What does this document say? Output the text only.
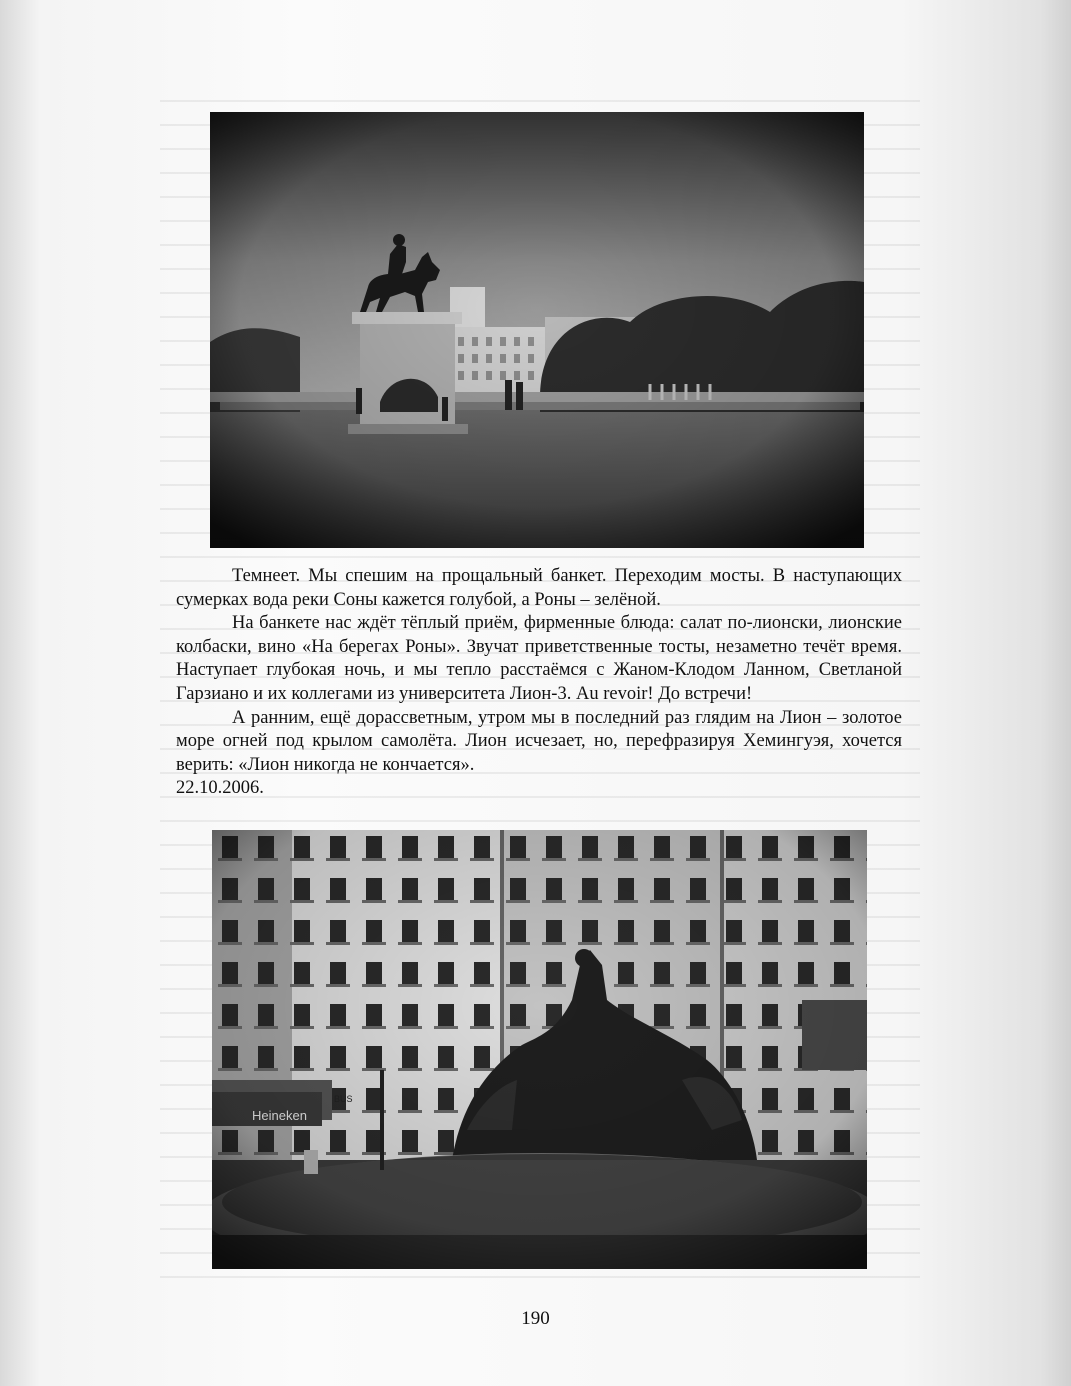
Темнеет. Мы спешим на прощальный банкет. Переходим мосты. В наступающих сумерках вода реки Соны кажется голубой, а Роны – зелёной.

На банкете нас ждёт тёплый приём, фирменные блюда: салат по-лионски, лионские колбаски, вино «На берегах Роны». Звучат приветственные тосты, незаметно течёт время. Наступает глубокая ночь, и мы тепло расстаёмся с Жаном-Клодом Ланном, Светланой Гарзиано и их коллегами из университета Лион-3. Au revoir! До встречи!

А ранним, ещё дорассветным, утром мы в последний раз глядим на Лион – золотое море огней под крылом самолёта. Лион исчезает, но, перефразируя Хемингуэя, хочется верить: «Лион никогда не кончается».

22.10.2006.

190
